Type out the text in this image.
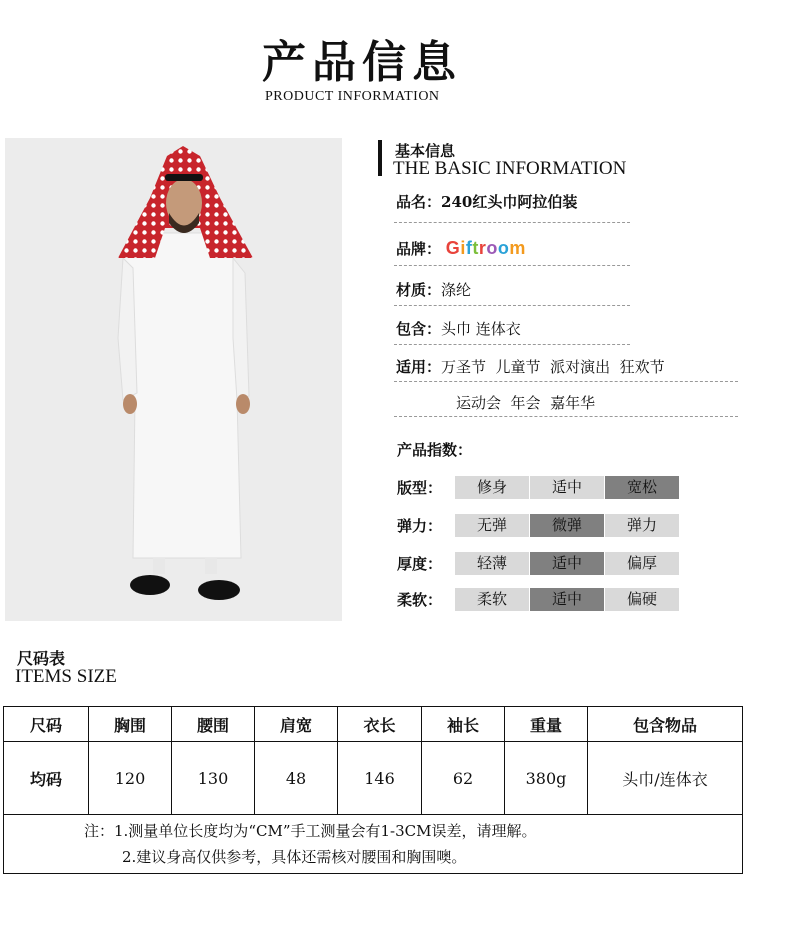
产品信息
PRODUCT INFORMATION
基本信息
THE BASIC INFORMATION
品名：240红头巾阿拉伯装
品牌： Giftroom
材质：涤纶
包含：头巾 连体衣
适用：万圣节  儿童节  派对演出  狂欢节
运动会  年会  嘉年华
产品指数：
版型：	修身	适中	宽松
弹力：	无弹	微弹	弹力
厚度：	轻薄	适中	偏厚
柔软：	柔软	适中	偏硬
尺码表
ITEMS SIZE
尺码	胸围	腰围	肩宽	衣长	袖长	重量	包含物品
均码	120	130	48	146	62	380g	头巾/连体衣

注：1.测量单位长度均为“CM”手工测量会有1-3CM误差，请理解。
2.建议身高仅供参考，具体还需核对腰围和胸围噢。							
